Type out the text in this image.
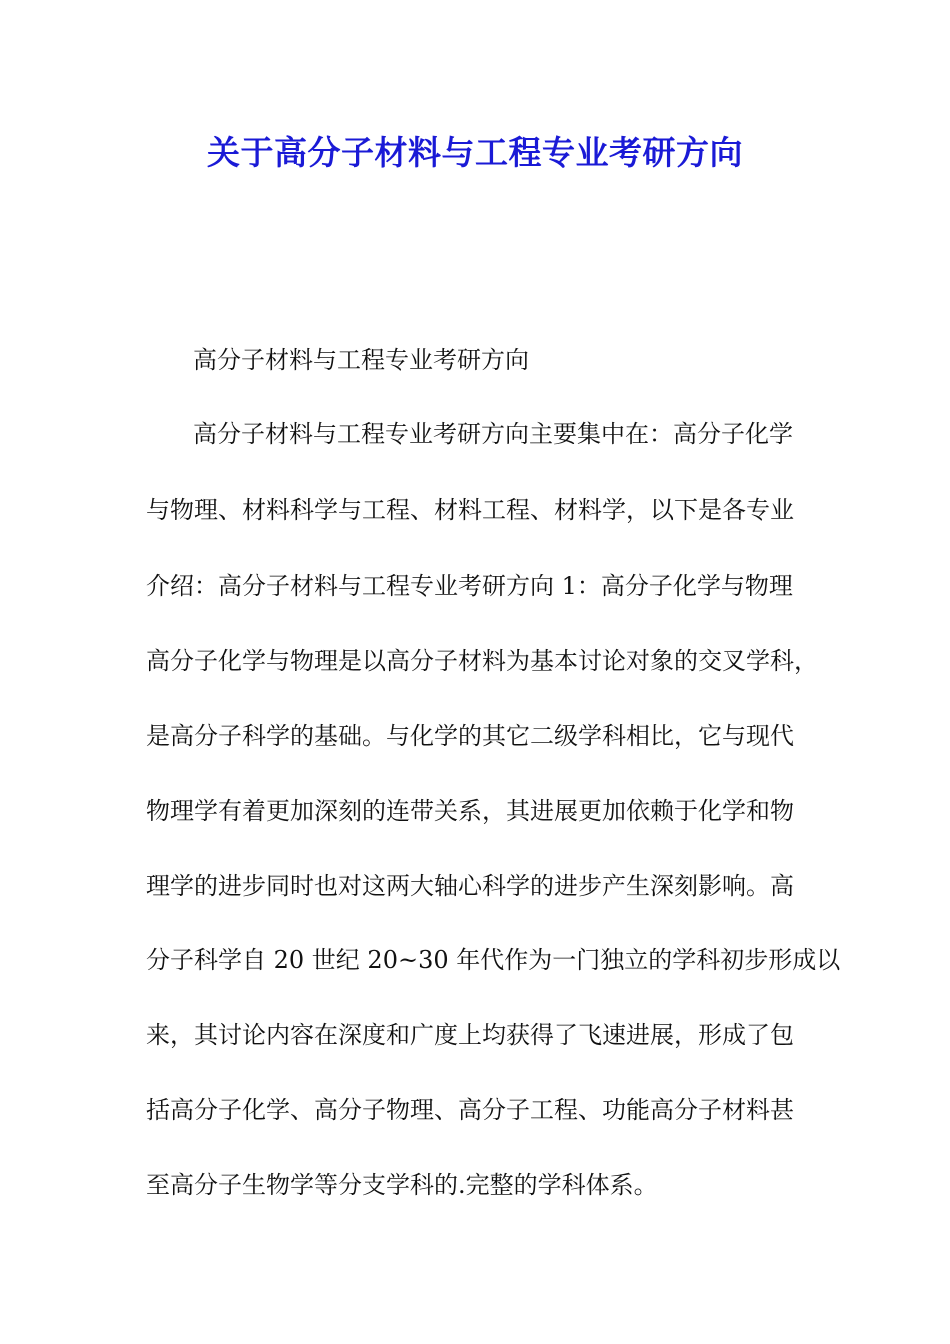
关于高分子材料与工程专业考研方向

高分子材料与工程专业考研方向

高分子材料与工程专业考研方向主要集中在：高分子化学
与物理、材料科学与工程、材料工程、材料学，以下是各专业
介绍：高分子材料与工程专业考研方向 1：高分子化学与物理
高分子化学与物理是以高分子材料为基本讨论对象的交叉学科，
是高分子科学的基础。与化学的其它二级学科相比，它与现代
物理学有着更加深刻的连带关系，其进展更加依赖于化学和物
理学的进步同时也对这两大轴心科学的进步产生深刻影响。高
分子科学自 20 世纪 20~30 年代作为一门独立的学科初步形成以
来，其讨论内容在深度和广度上均获得了飞速进展，形成了包
括高分子化学、高分子物理、高分子工程、功能高分子材料甚
至高分子生物学等分支学科的.完整的学科体系。
